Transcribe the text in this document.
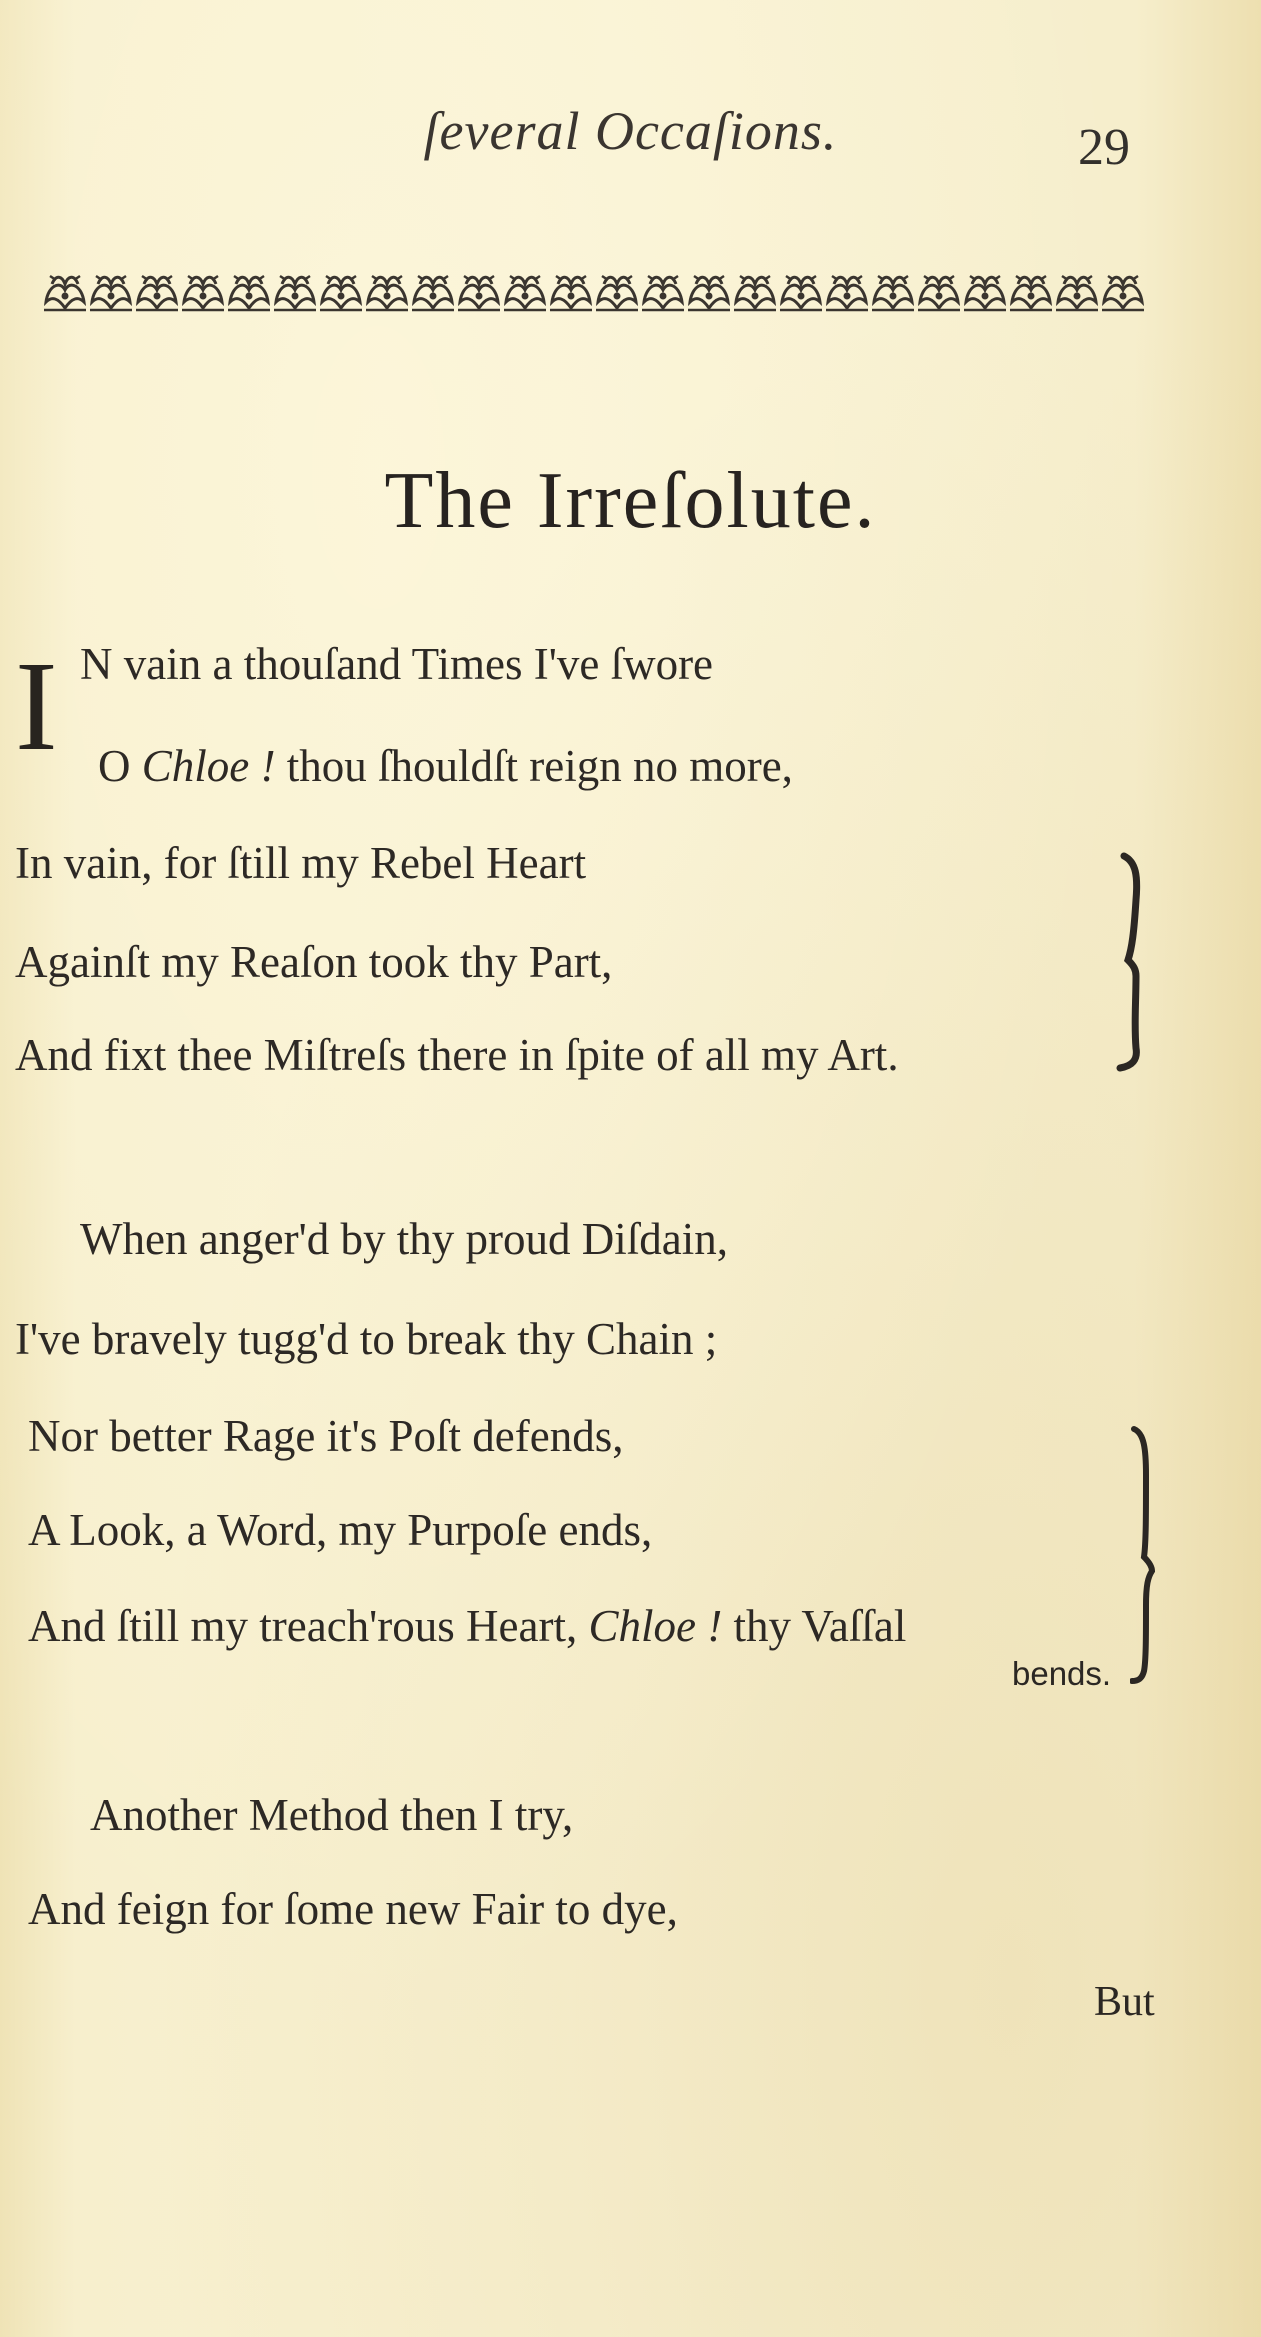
ſeveral Occaſions.	29
The Irreſolute.
I N vain a thouſand Times I've ſwore
O Chloe ! thou ſhouldſt reign no more,
In vain, for ſtill my Rebel Heart
Againſt my Reaſon took thy Part,
And fixt thee Miſtreſs there in ſpite of all my Art.
When anger'd by thy proud Diſdain,
I've bravely tugg'd to break thy Chain ;
Nor better Rage it's Poſt defends,
A Look, a Word, my Purpoſe ends,
And ſtill my treach'rous Heart, Chloe ! thy Vaſſal
bends.
Another Method then I try,
And feign for ſome new Fair to dye,
But
